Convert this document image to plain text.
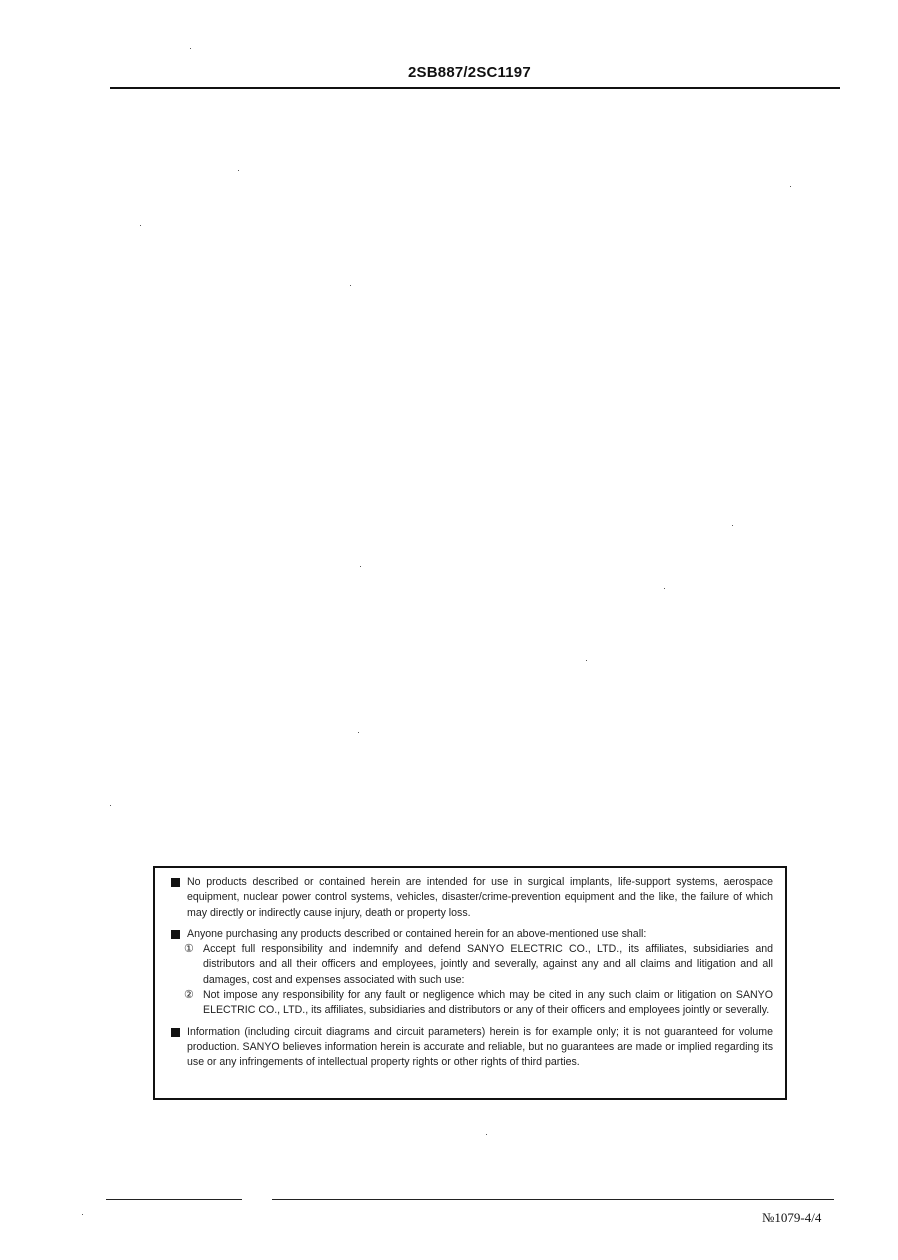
2SB887/2SC1197
No products described or contained herein are intended for use in surgical implants, life-support systems, aerospace equipment, nuclear power control systems, vehicles, disaster/crime-prevention equipment and the like, the failure of which may directly or indirectly cause injury, death or property loss.
Anyone purchasing any products described or contained herein for an above-mentioned use shall:
① Accept full responsibility and indemnify and defend SANYO ELECTRIC CO., LTD., its affiliates, subsidiaries and distributors and all their officers and employees, jointly and severally, against any and all claims and litigation and all damages, cost and expenses associated with such use:
② Not impose any responsibility for any fault or negligence which may be cited in any such claim or litigation on SANYO ELECTRIC CO., LTD., its affiliates, subsidiaries and distributors or any of their officers and employees jointly or severally.
Information (including circuit diagrams and circuit parameters) herein is for example only; it is not guaranteed for volume production. SANYO believes information herein is accurate and reliable, but no guarantees are made or implied regarding its use or any infringements of intellectual property rights or other rights of third parties.
№1079-4/4
